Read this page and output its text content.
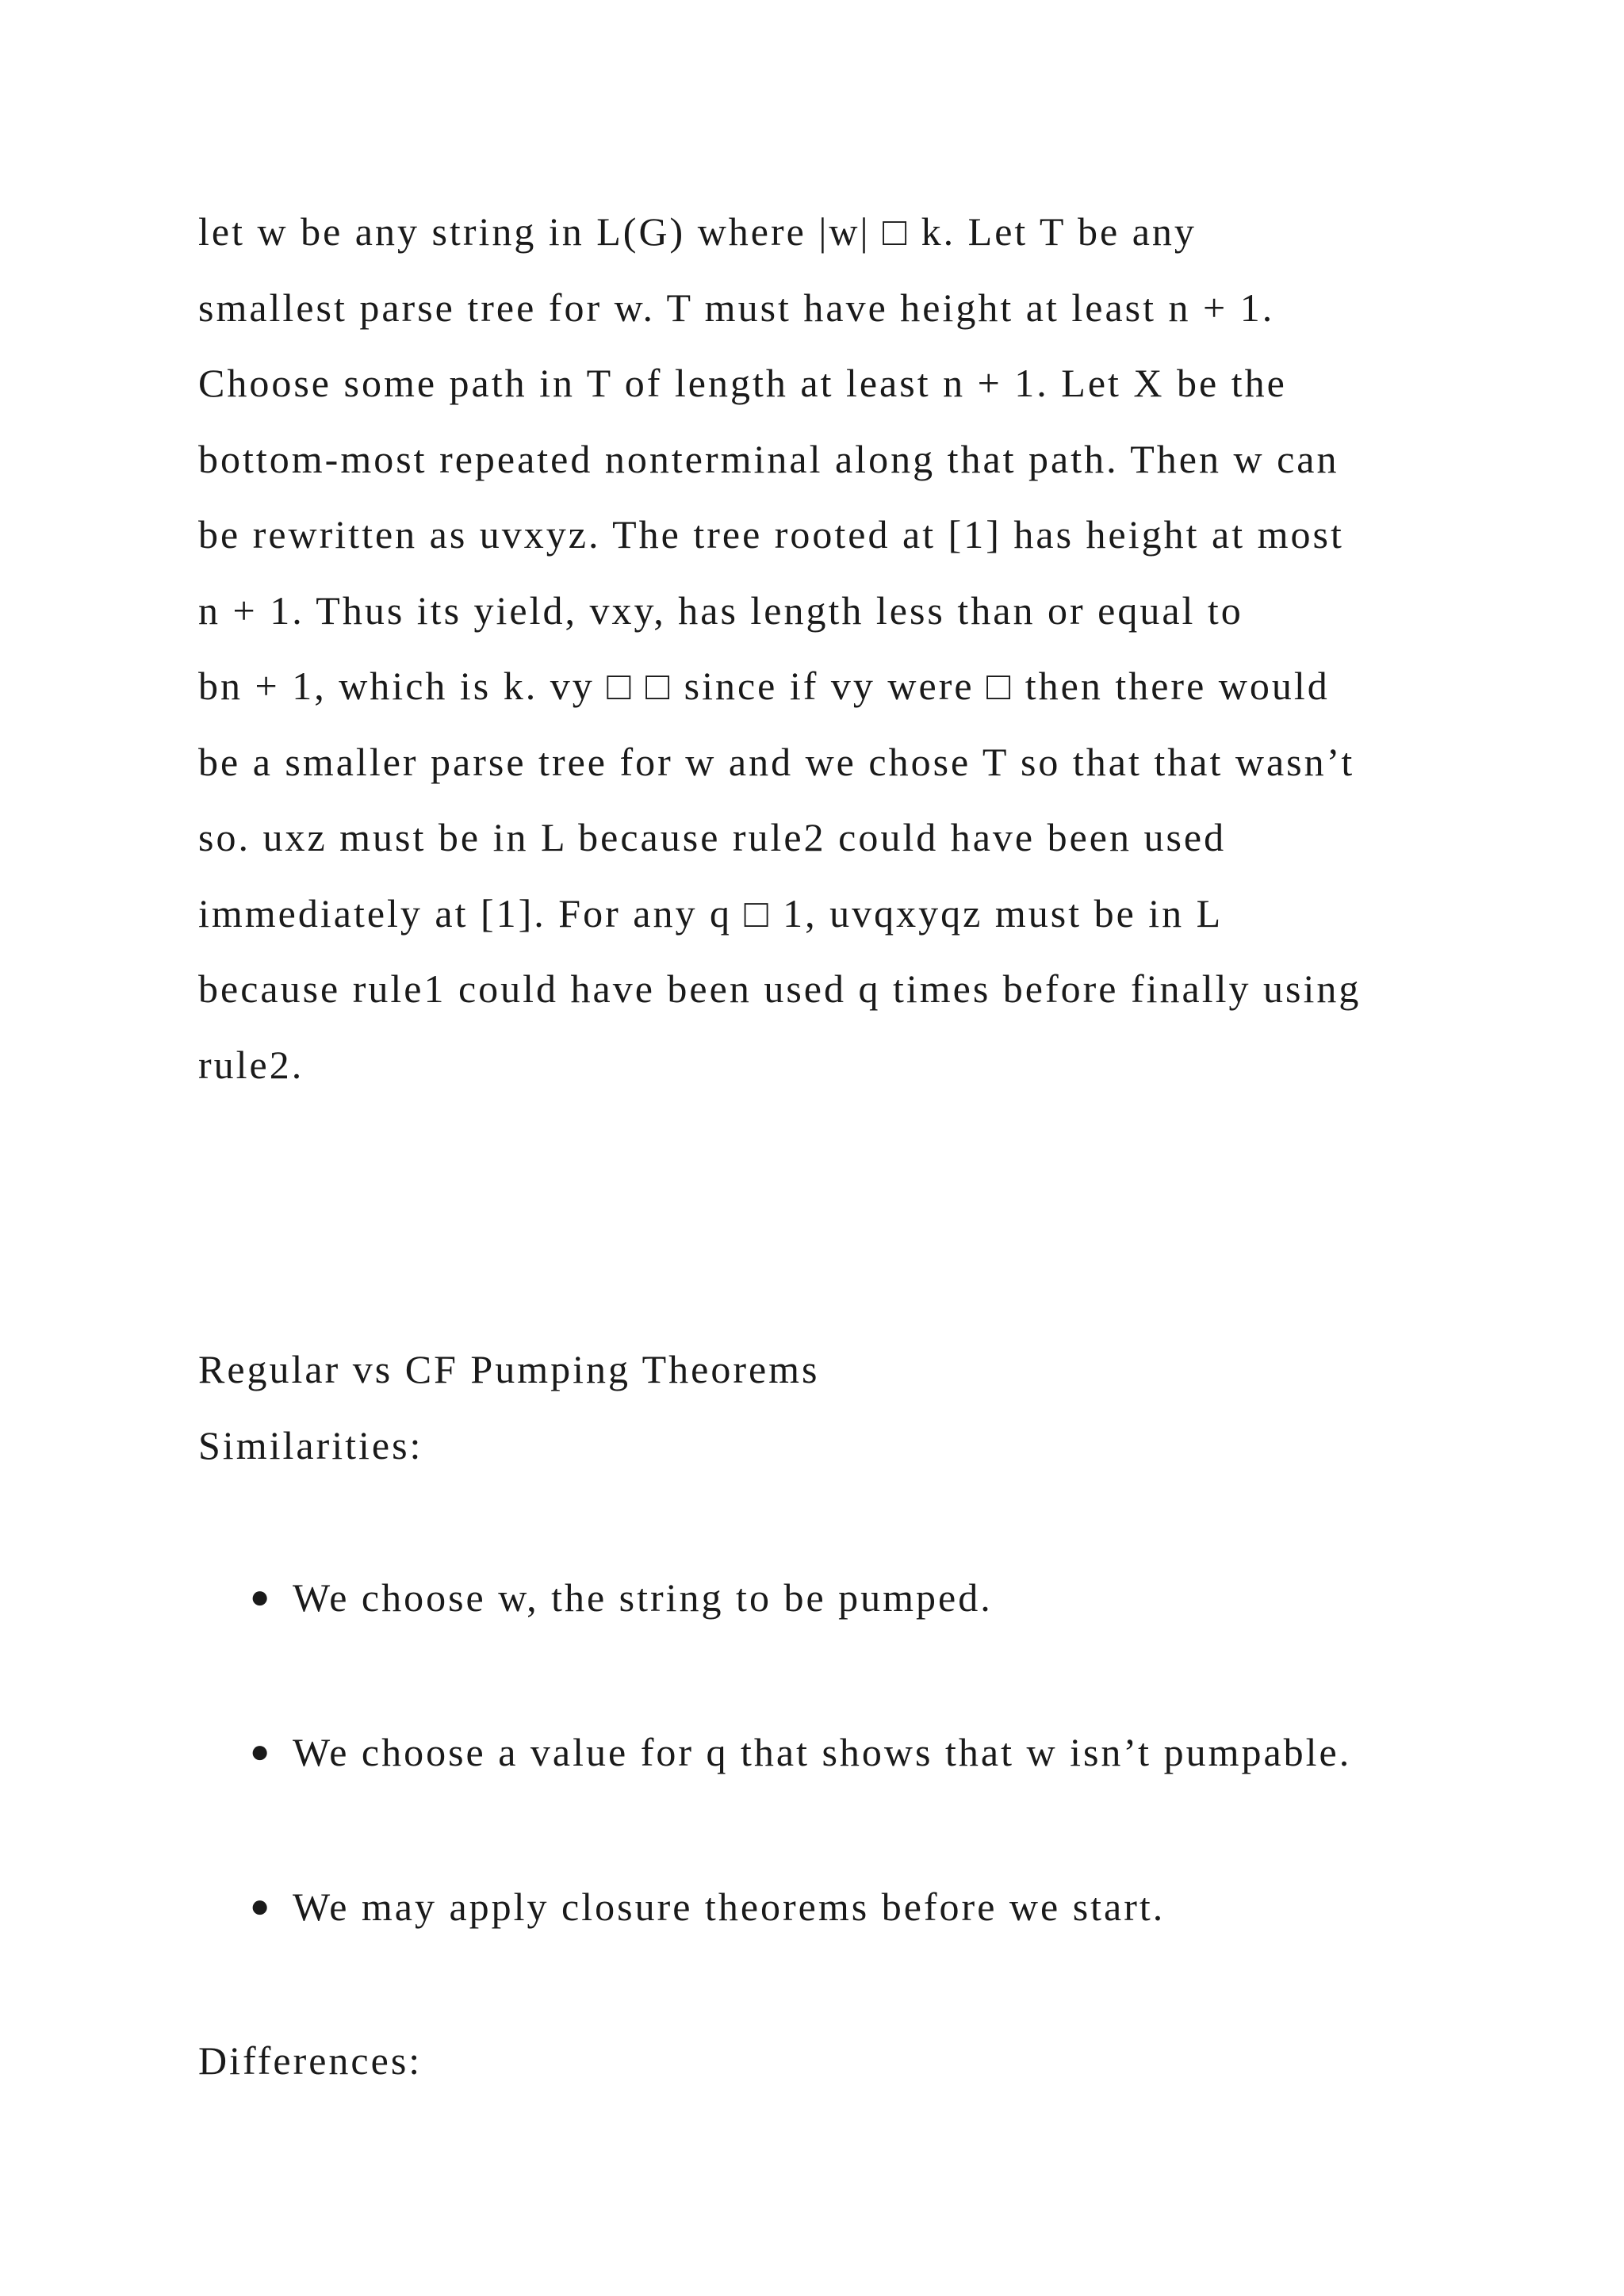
let w be any string in L(G) where |w| □ k. Let T be any
smallest parse tree for w. T must have height at least n + 1.
Choose some path in T of length at least n + 1. Let X be the
bottom-most repeated nonterminal along that path. Then w can
be rewritten as uvxyz. The tree rooted at [1] has height at most
n + 1. Thus its yield, vxy, has length less than or equal to
bn + 1, which is k. vy □ □ since if vy were □ then there would
be a smaller parse tree for w and we chose T so that that wasn’t
so. uxz must be in L because rule2 could have been used
immediately at [1]. For any q □ 1, uvqxyqz must be in L
because rule1 could have been used q times before finally using
rule2.

Regular vs CF Pumping Theorems

Similarities:

● We choose w, the string to be pumped.
● We choose a value for q that shows that w isn’t pumpable.
● We may apply closure theorems before we start.

Differences:
